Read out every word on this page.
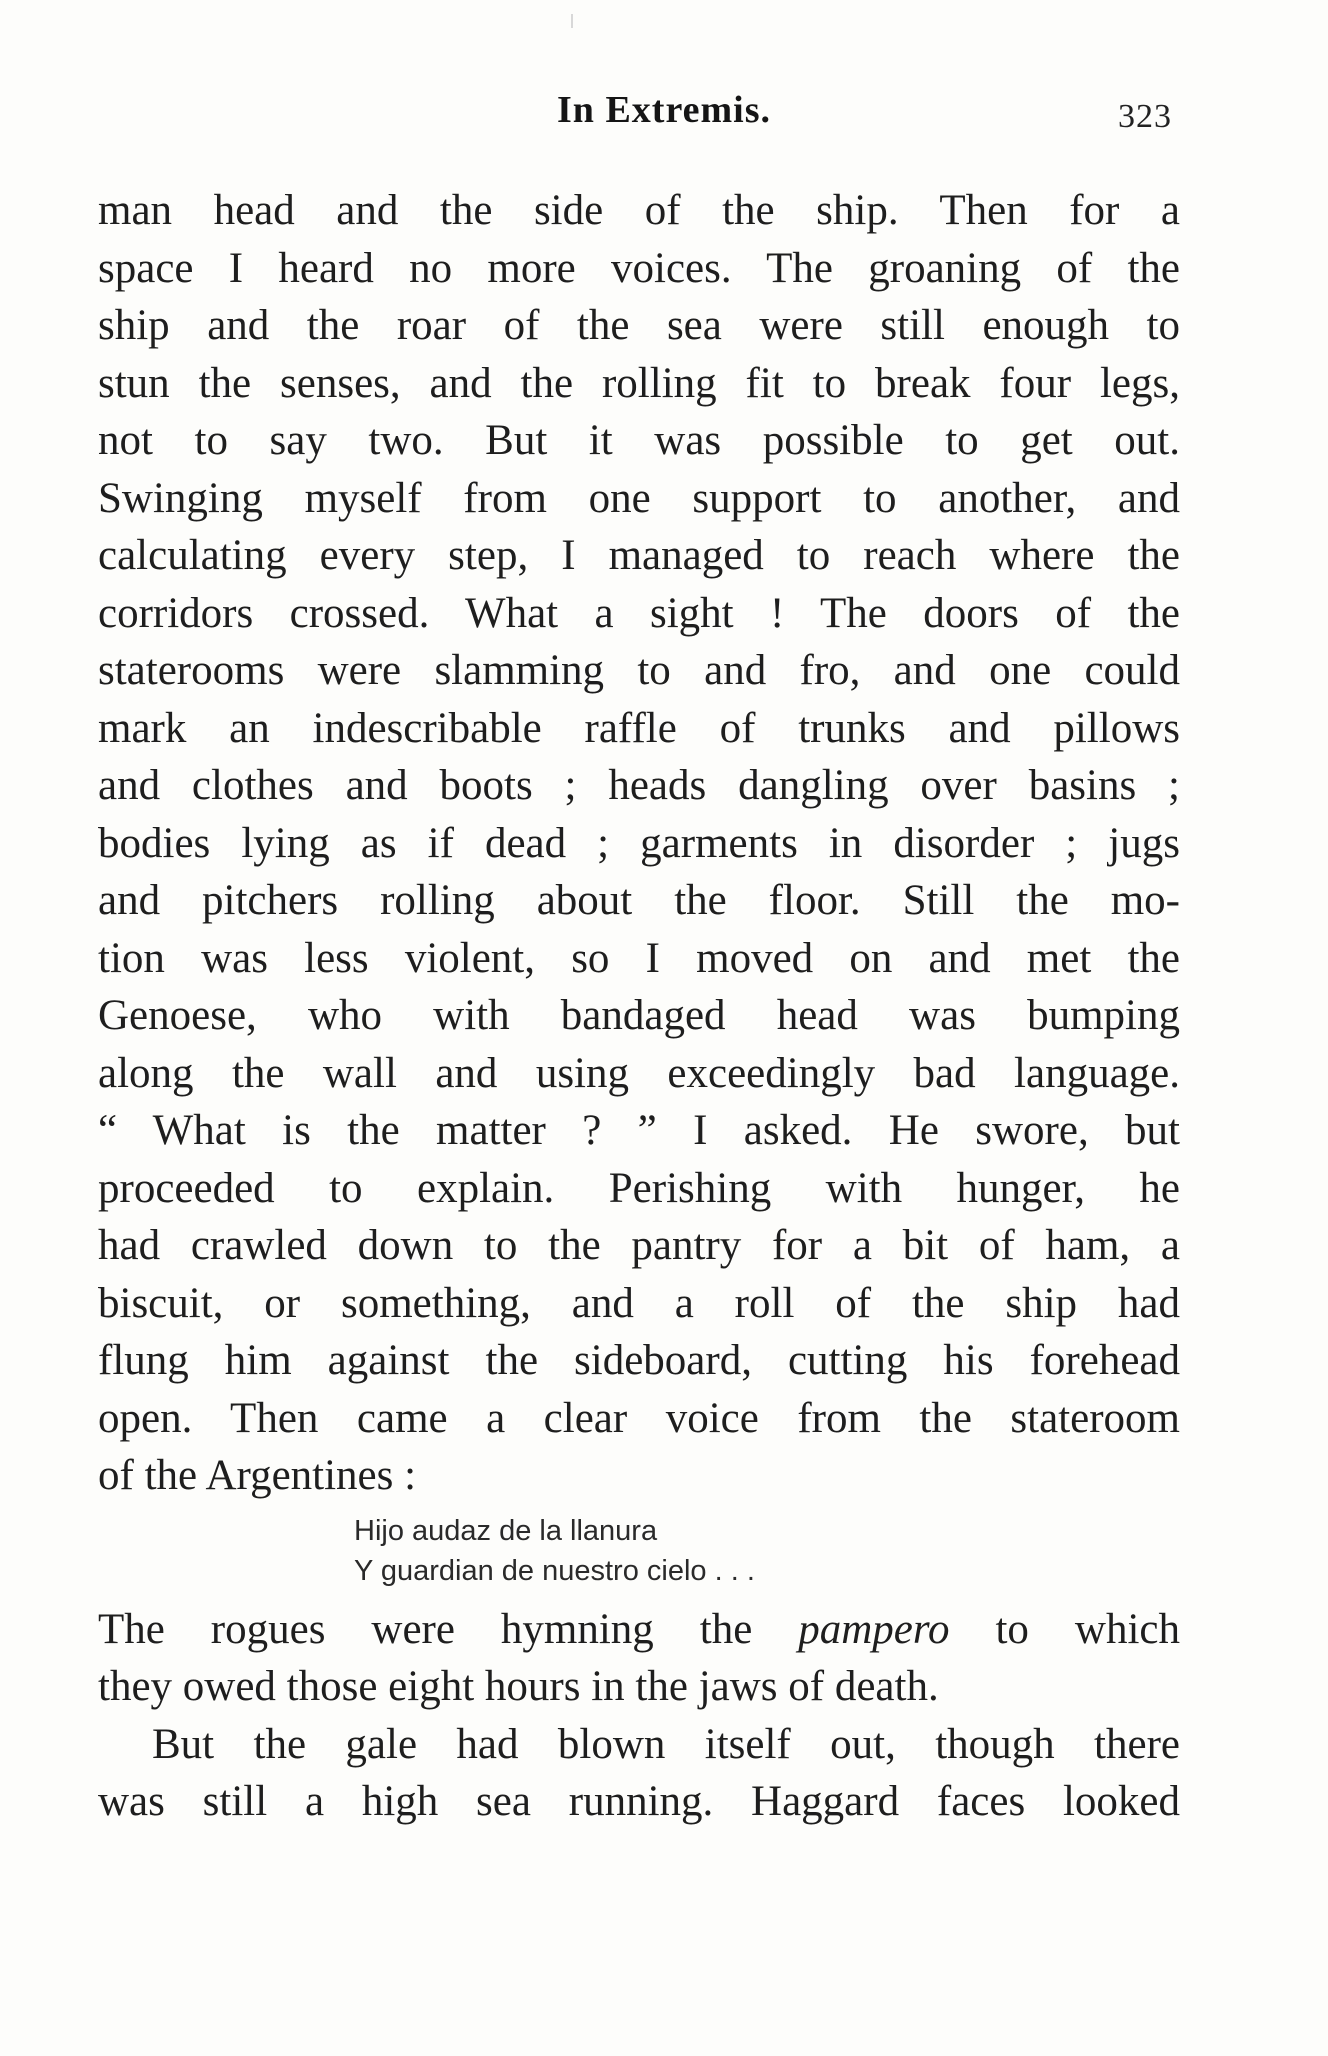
In Extremis.	323
man head and the side of the ship. Then for a
space I heard no more voices. The groaning of the
ship and the roar of the sea were still enough to
stun the senses, and the rolling fit to break four legs,
not to say two. But it was possible to get out.
Swinging myself from one support to another, and
calculating every step, I managed to reach where the
corridors crossed. What a sight ! The doors of the
staterooms were slamming to and fro, and one could
mark an indescribable raffle of trunks and pillows
and clothes and boots ; heads dangling over basins ;
bodies lying as if dead ; garments in disorder ; jugs
and pitchers rolling about the floor. Still the mo-
tion was less violent, so I moved on and met the
Genoese, who with bandaged head was bumping
along the wall and using exceedingly bad language.
“ What is the matter ? ” I asked. He swore, but
proceeded to explain. Perishing with hunger, he
had crawled down to the pantry for a bit of ham, a
biscuit, or something, and a roll of the ship had
flung him against the sideboard, cutting his forehead
open. Then came a clear voice from the stateroom
of the Argentines :
Hijo audaz de la llanura
Y guardian de nuestro cielo . . .
The rogues were hymning the pampero to which
they owed those eight hours in the jaws of death.
But the gale had blown itself out, though there
was still a high sea running. Haggard faces looked
